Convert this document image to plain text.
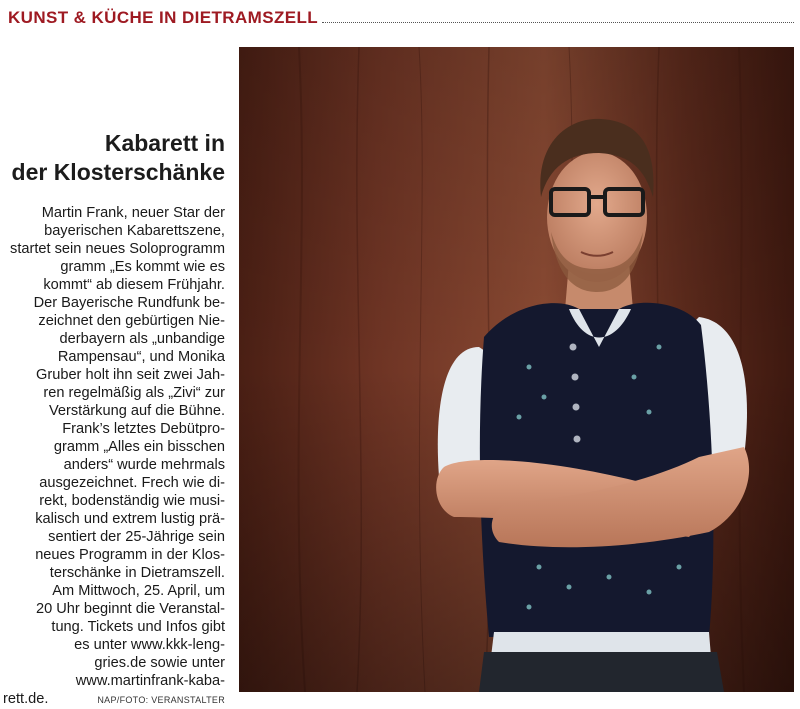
KUNST & KÜCHE IN DIETRAMSZELL
Kabarett in
der Klosterschänke
Martin Frank, neuer Star der
bayerischen Kabarettszene,
startet sein neues Soloprogramm
gramm „Es kommt wie es
kommt“ ab diesem Frühjahr.
Der Bayerische Rundfunk be-
zeichnet den gebürtigen Nie-
derbayern als „unbandige
Rampensau“, und Monika
Gruber holt ihn seit zwei Jah-
ren regelmäßig als „Zivi“ zur
Verstärkung auf die Bühne.
Frank’s letztes Debütpro-
gramm „Alles ein bisschen
anders“ wurde mehrmals
ausgezeichnet. Frech wie di-
rekt, bodenständig wie musi-
kalisch und extrem lustig prä-
sentiert der 25-Jährige sein
neues Programm in der Klos-
terschänke in Dietramszell.
Am Mittwoch, 25. April, um
20 Uhr beginnt die Veranstal-
tung. Tickets und Infos gibt
es unter www.kkk-leng-
gries.de sowie unter
www.martinfrank-kaba-
rett.de.	NAP/FOTO: VERANSTALTER
